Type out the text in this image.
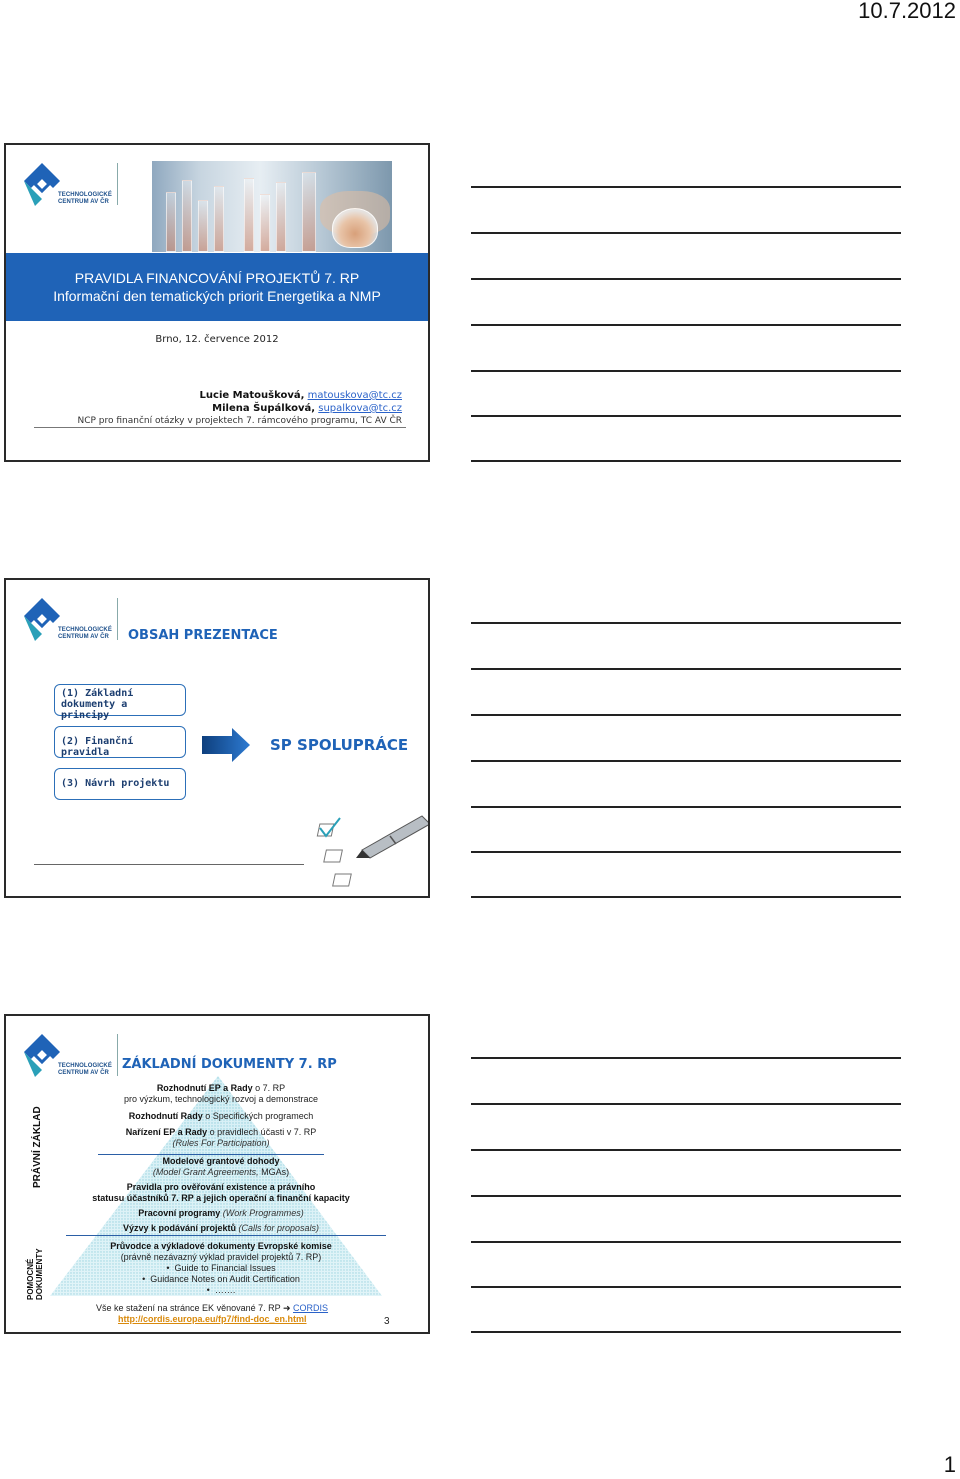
10.7.2012
TECHNOLOGICKÉ
CENTRUM AV ČR
PRAVIDLA FINANCOVÁNÍ PROJEKTŮ 7. RP
Informační den tematických priorit Energetika a NMP
Brno, 12. července 2012
Lucie Matoušková, matouskova@tc.cz
Milena Šupálková, supalkova@tc.cz
NCP pro finanční otázky v projektech 7. rámcového programu, TC AV ČR
TECHNOLOGICKÉ
CENTRUM AV ČR OBSAH PREZENTACE
(1) Základní dokumenty a principy
(2) Finanční pravidla
(3) Návrh projektu
SP SPOLUPRÁCE
TECHNOLOGICKÉ
CENTRUM AV ČR
ZÁKLADNÍ DOKUMENTY 7. RP
PRÁVNÍ ZÁKLAD
POMOCNÉ DOKUMENTY
Rozhodnutí EP a Rady o 7. RP
pro výzkum, technologický rozvoj a demonstrace
Rozhodnutí Rady o Specifických programech
Nařízení EP a Rady o pravidlech účasti v 7. RP
(Rules For Participation)
Modelové grantové dohody
(Model Grant Agreements, MGAs)
Pravidla pro ověřování existence a právního
statusu účastníků 7. RP a jejich operační a finanční kapacity
Pracovní programy (Work Programmes)
Výzvy k podávání projektů (Calls for proposals)
Průvodce a výkladové dokumenty Evropské komise
(právně nezávazný výklad pravidel projektů 7. RP)
•  Guide to Financial Issues
•  Guidance Notes on Audit Certification
•  …….
Vše ke stažení na stránce EK věnované 7. RP ➜ CORDIS
http://cordis.europa.eu/fp7/find-doc_en.html	3
1
